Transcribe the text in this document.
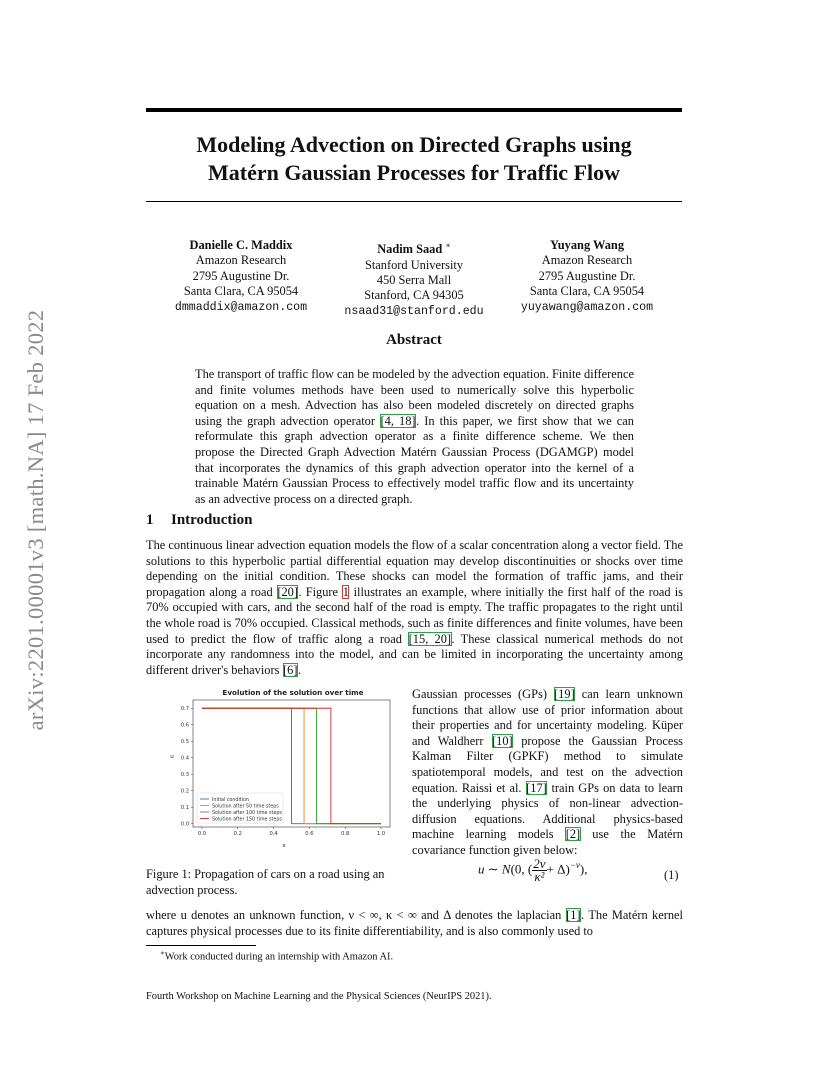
arXiv:2201.00001v3 [math.NA] 17 Feb 2022
Modeling Advection on Directed Graphs using
Matérn Gaussian Processes for Traffic Flow
Danielle C. Maddix
Amazon Research
2795 Augustine Dr.
Santa Clara, CA 95054
dmmaddix@amazon.com
Nadim Saad ∗
Stanford University
450 Serra Mall
Stanford, CA 94305
nsaad31@stanford.edu
Yuyang Wang
Amazon Research
2795 Augustine Dr.
Santa Clara, CA 95054
yuyawang@amazon.com
Abstract

The transport of traffic flow can be modeled by the advection equation. Finite difference and finite volumes methods have been used to numerically solve this hyperbolic equation on a mesh. Advection has also been modeled discretely on directed graphs using the graph advection operator [4, 18]. In this paper, we first show that we can reformulate this graph advection operator as a finite difference scheme. We then propose the Directed Graph Advection Matérn Gaussian Process (DGAMGP) model that incorporates the dynamics of this graph advection operator into the kernel of a trainable Matérn Gaussian Process to effectively model traffic flow and its uncertainty as an advective process on a directed graph.

1 Introduction

The continuous linear advection equation models the flow of a scalar concentration along a vector field. The solutions to this hyperbolic partial differential equation may develop discontinuities or shocks over time depending on the initial condition. These shocks can model the formation of traffic jams, and their propagation along a road [20]. Figure 1 illustrates an example, where initially the first half of the road is 70% occupied with cars, and the second half of the road is empty. The traffic propagates to the right until the whole road is 70% occupied. Classical methods, such as finite differences and finite volumes, have been used to predict the flow of traffic along a road [15, 20]. These classical numerical methods do not incorporate any randomness into the model, and can be limited in incorporating the uncertainty among different driver's behaviors [6].

Evolution of the solution over time
0.0	0.2	0.4	0.6	0.8	1.0
0.0
0.1
0.2
0.3
0.4
0.5
0.6
0.7
Initial condition
Solution after 50 time steps
Solution after 100 time steps
Solution after 150 time steps
x
u

Figure 1: Propagation of cars on a road using an advection process.

Gaussian processes (GPs) [19] can learn unknown functions that allow use of prior information about their properties and for uncertainty modeling. Küper and Waldherr [10] propose the Gaussian Process Kalman Filter (GPKF) method to simulate spatiotemporal models, and test on the advection equation. Raissi et al. [17] train GPs on data to learn the underlying physics of non-linear advection-diffusion equations. Additional physics-based machine learning models [2] use the Matérn covariance function given below:

u ∼ N(0, ( $\frac{2\nu}{\text{κ²}} + \Delta)^{-\nu}$),	(1)

where u denotes an unknown function, ν < ∞, κ < ∞ and Δ denotes the laplacian [1]. The Matérn kernel captures physical processes due to its finite differentiability, and is also commonly used to

∗Work conducted during an internship with Amazon AI.
Fourth Workshop on Machine Learning and the Physical Sciences (NeurIPS 2021).
